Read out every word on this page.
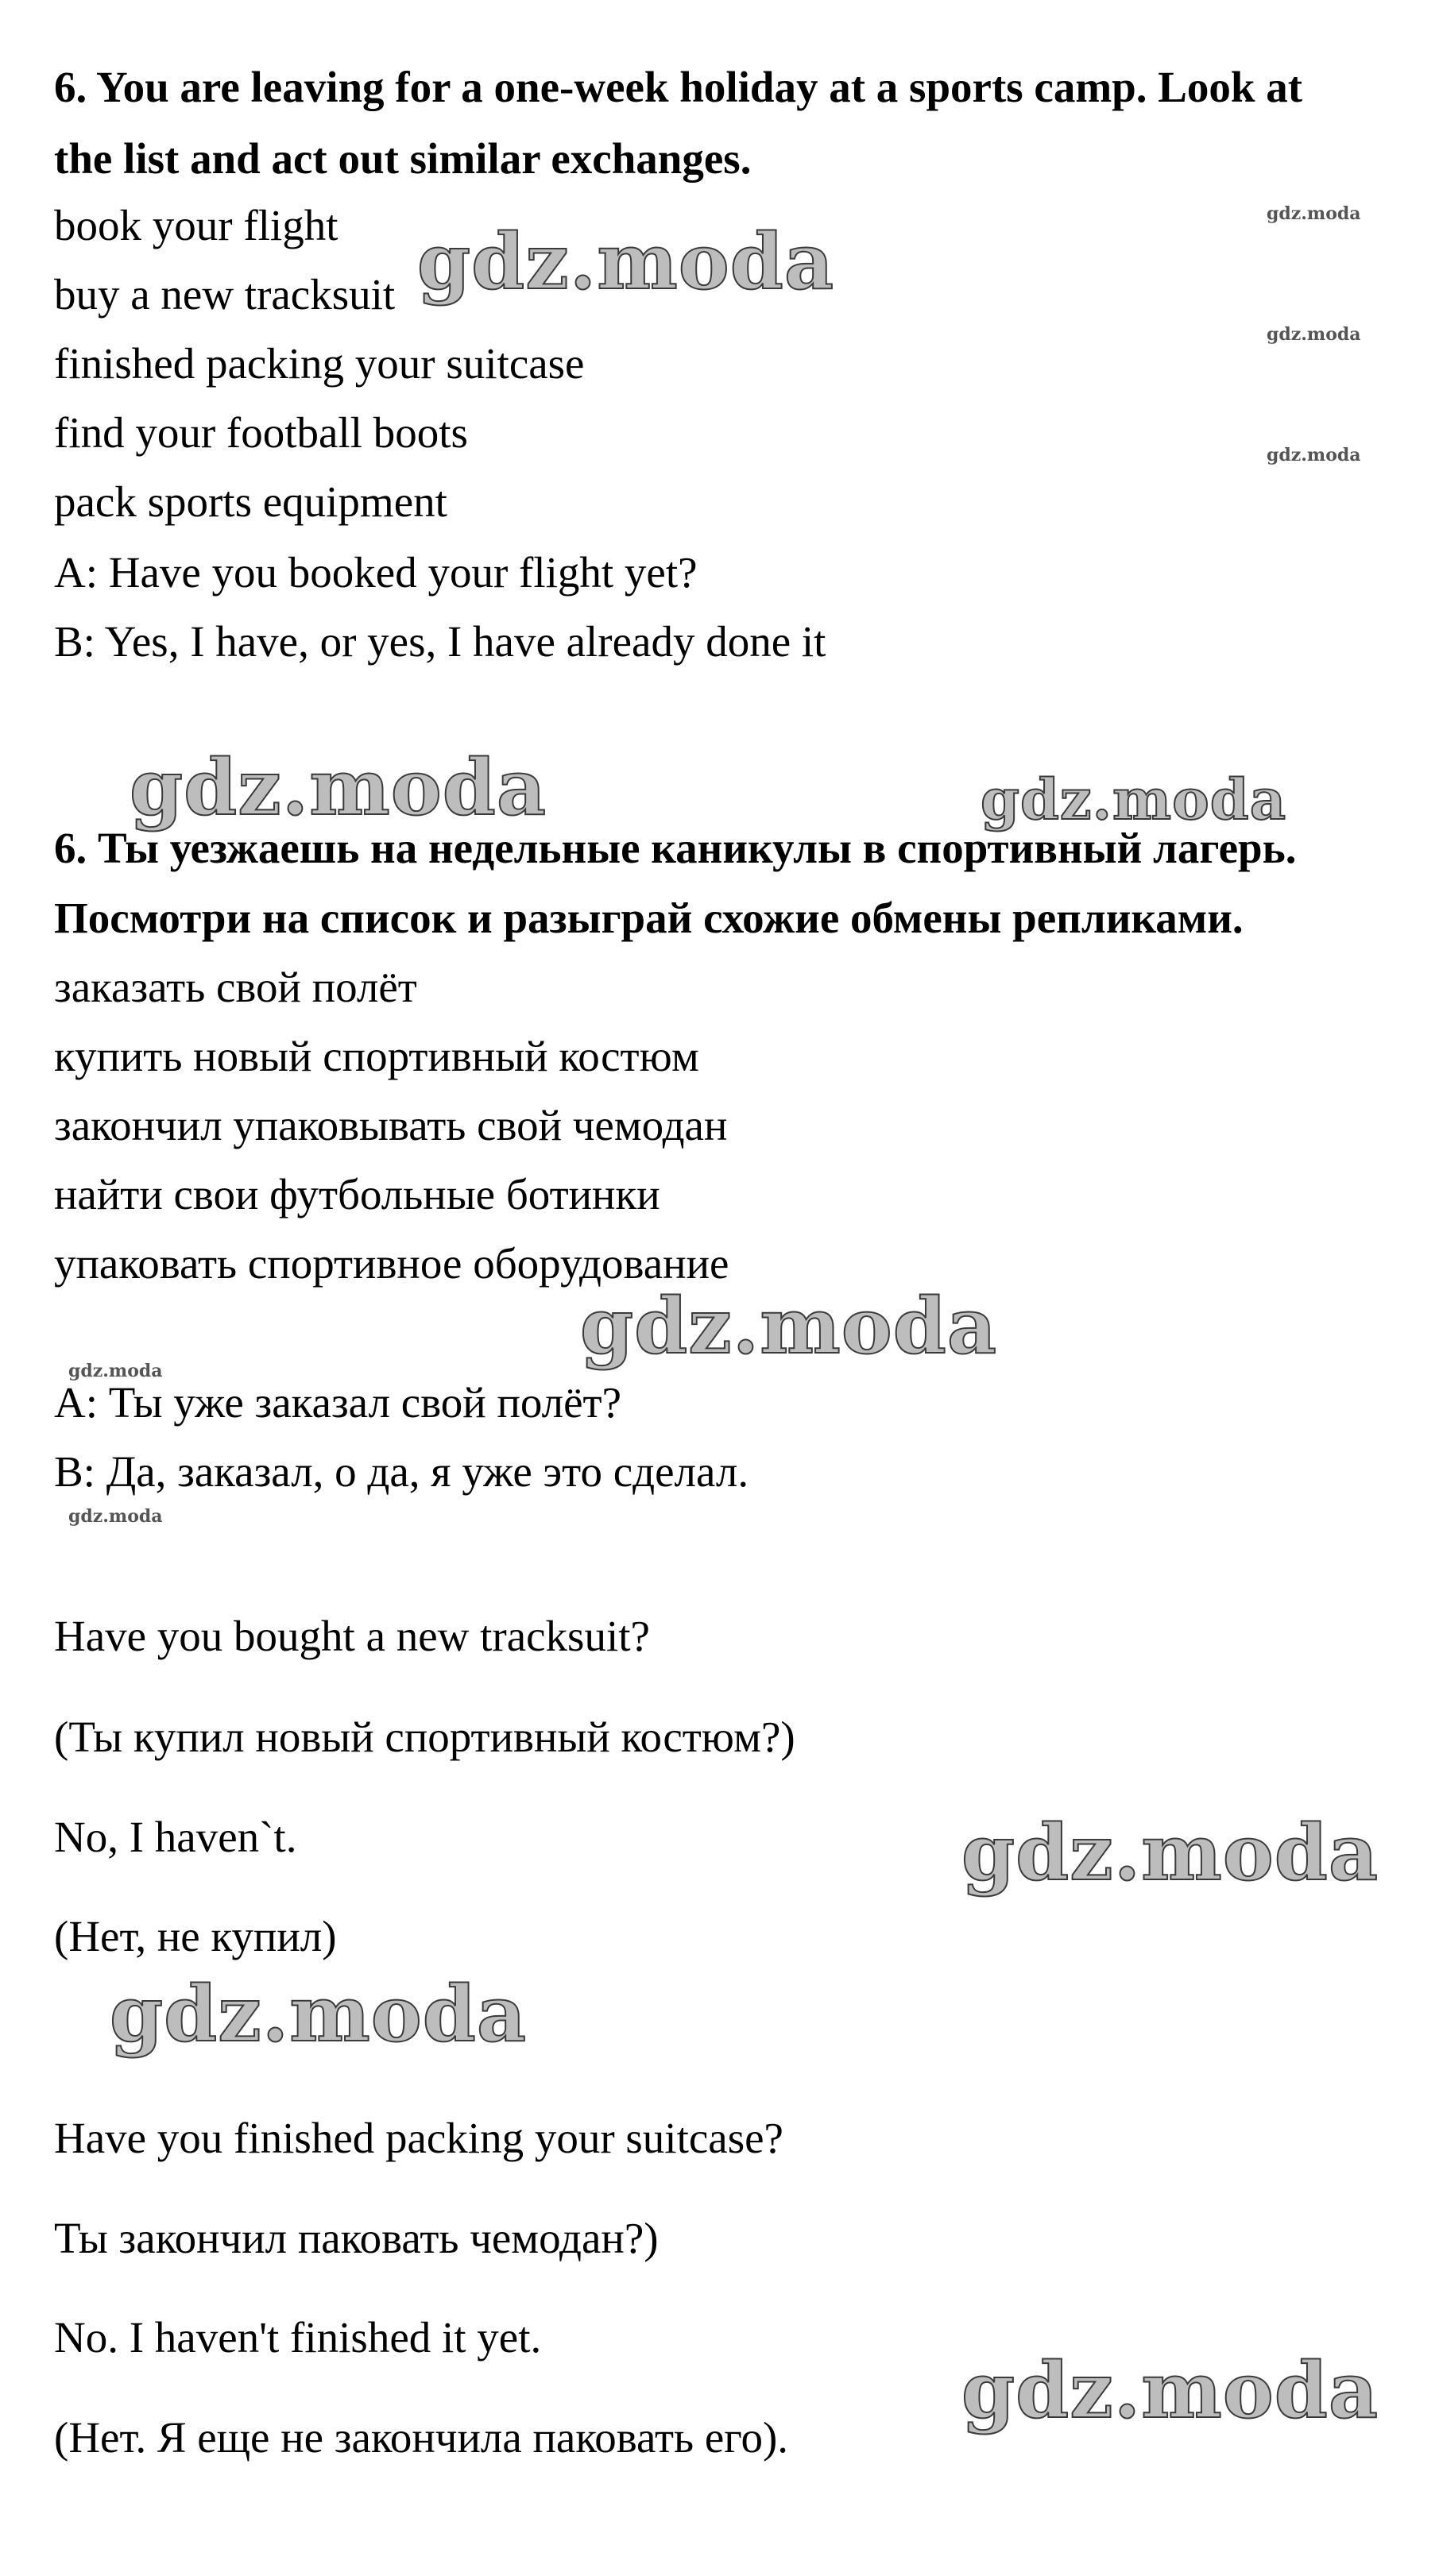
6. You are leaving for a one-week holiday at a sports camp. Look at
the list and act out similar exchanges.
book your flight
buy a new tracksuit
finished packing your suitcase
find your football boots
pack sports equipment
A: Have you booked your flight yet?
B: Yes, I have, or yes, I have already done it
6. Ты уезжаешь на недельные каникулы в спортивный лагерь.
Посмотри на список и разыграй схожие обмены репликами.
заказать свой полёт
купить новый спортивный костюм
закончил упаковывать свой чемодан
найти свои футбольные ботинки
упаковать спортивное оборудование
A: Ты уже заказал свой полёт?
B: Да, заказал, о да, я уже это сделал.
Have you bought a new tracksuit?
(Ты купил новый спортивный костюм?)
No, I haven`t.
(Нет, не купил)
Have you finished packing your suitcase?
Ты закончил паковать чемодан?)
No. I haven't finished it yet.
(Нет. Я еще не закончила паковать его).
gdz.moda
gdz.moda
gdz.moda
gdz.moda
gdz.moda	gdz.moda
gdz.moda
gdz.moda
gdz.moda
gdz.moda
gdz.moda
gdz.moda
